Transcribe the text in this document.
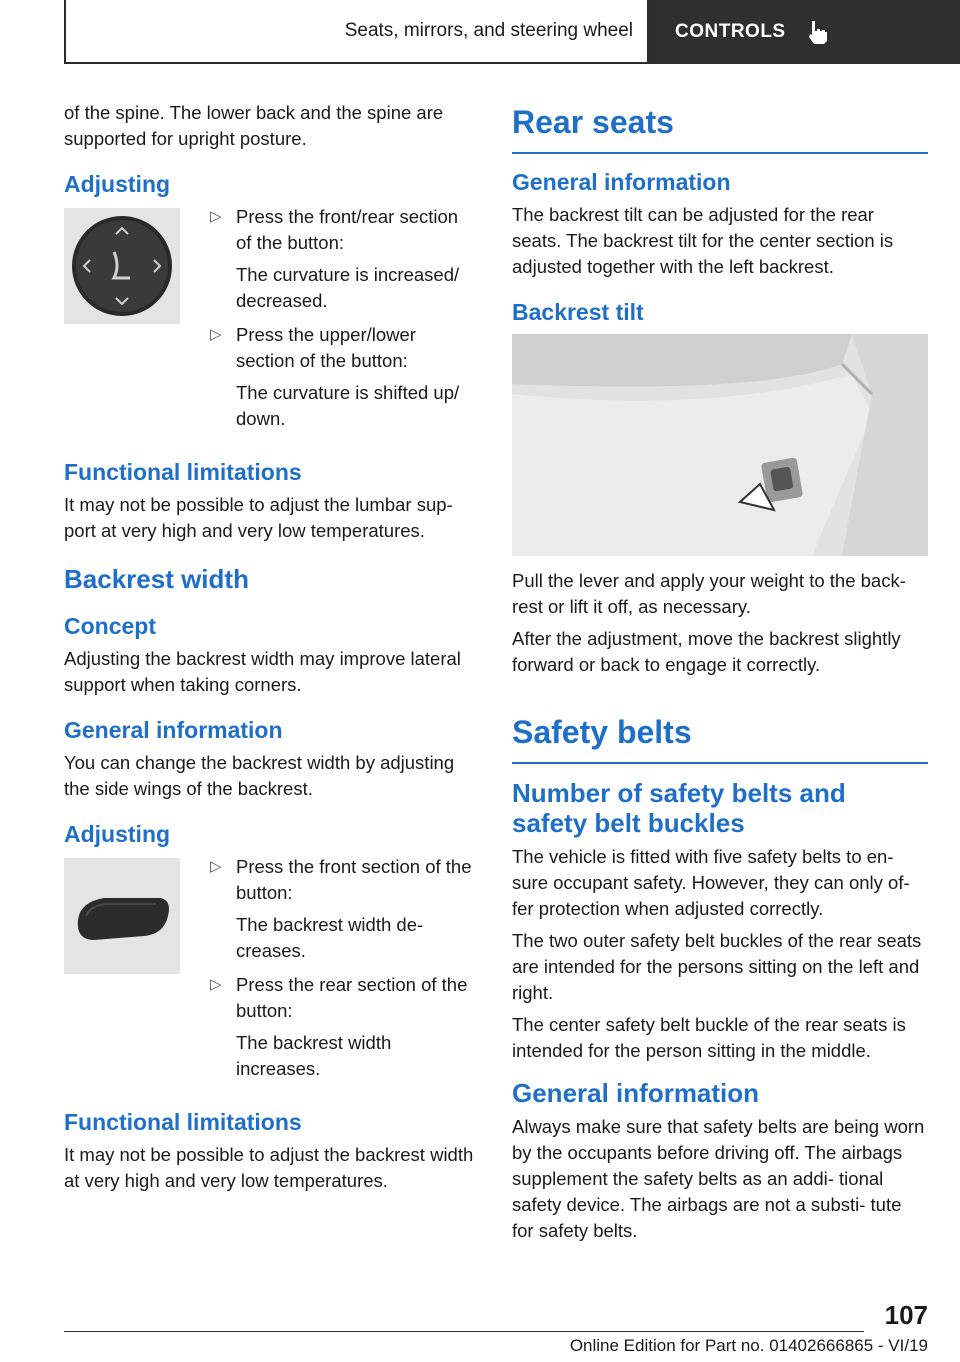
Seats, mirrors, and steering wheel	CONTROLS

of the spine. The lower back and the spine are supported for upright posture.

Adjusting
▷ Press the front/rear section of the button:

The curvature is increased/ decreased.

▷ Press the upper/lower section of the button:

The curvature is shifted up/ down.

Functional limitations

It may not be possible to adjust the lumbar sup- port at very high and very low temperatures.

Backrest width
Concept

Adjusting the backrest width may improve lateral support when taking corners.

General information

You can change the backrest width by adjusting the side wings of the backrest.

Adjusting
▷ Press the front section of the button:

The backrest width de- creases.

▷ Press the rear section of the button:

The backrest width increases.

Functional limitations

It may not be possible to adjust the backrest width at very high and very low temperatures.

Rear seats
General information

The backrest tilt can be adjusted for the rear seats. The backrest tilt for the center section is adjusted together with the left backrest.

Backrest tilt

Pull the lever and apply your weight to the back- rest or lift it off, as necessary.

After the adjustment, move the backrest slightly forward or back to engage it correctly.

Safety belts
Number of safety belts and safety belt buckles

The vehicle is fitted with five safety belts to en- sure occupant safety. However, they can only of- fer protection when adjusted correctly.

The two outer safety belt buckles of the rear seats are intended for the persons sitting on the left and right.

The center safety belt buckle of the rear seats is intended for the person sitting in the middle.

General information

Always make sure that safety belts are being worn by the occupants before driving off. The airbags supplement the safety belts as an addi- tional safety device. The airbags are not a substi- tute for safety belts.

107
Online Edition for Part no. 01402666865 - VI/19
